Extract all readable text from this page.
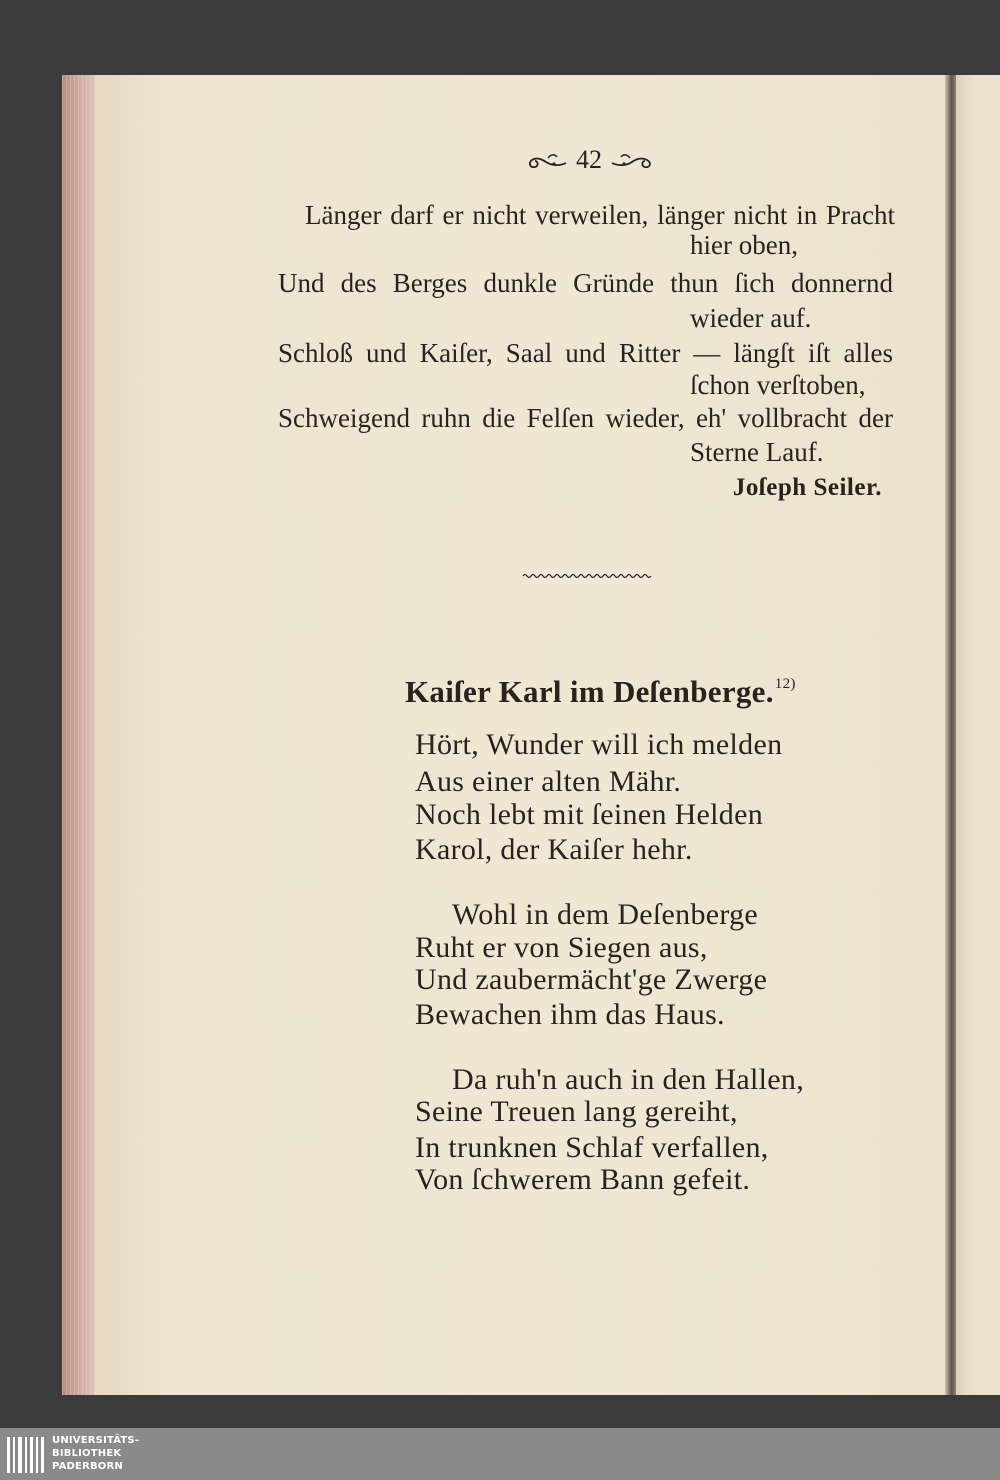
42
Länger darf er nicht verweilen, länger nicht in Pracht
hier oben,
Und des Berges dunkle Gründe thun ſich donnernd
wieder auf.
Schloß und Kaiſer, Saal und Ritter — längſt iſt alles
ſchon verſtoben,
Schweigend ruhn die Felſen wieder, eh' vollbracht der
Sterne Lauf.
Joſeph Seiler.
Kaiſer Karl im Deſenberge.$^{12)}$
Hört, Wunder will ich melden
Aus einer alten Mähr.
Noch lebt mit ſeinen Helden
Karol, der Kaiſer hehr.
Wohl in dem Deſenberge
Ruht er von Siegen aus,
Und zaubermächt'ge Zwerge
Bewachen ihm das Haus.
Da ruh'n auch in den Hallen,
Seine Treuen lang gereiht,
In trunknen Schlaf verfallen,
Von ſchwerem Bann gefeit.
UNIVERSITÄTS-
BIBLIOTHEK
PADERBORN
